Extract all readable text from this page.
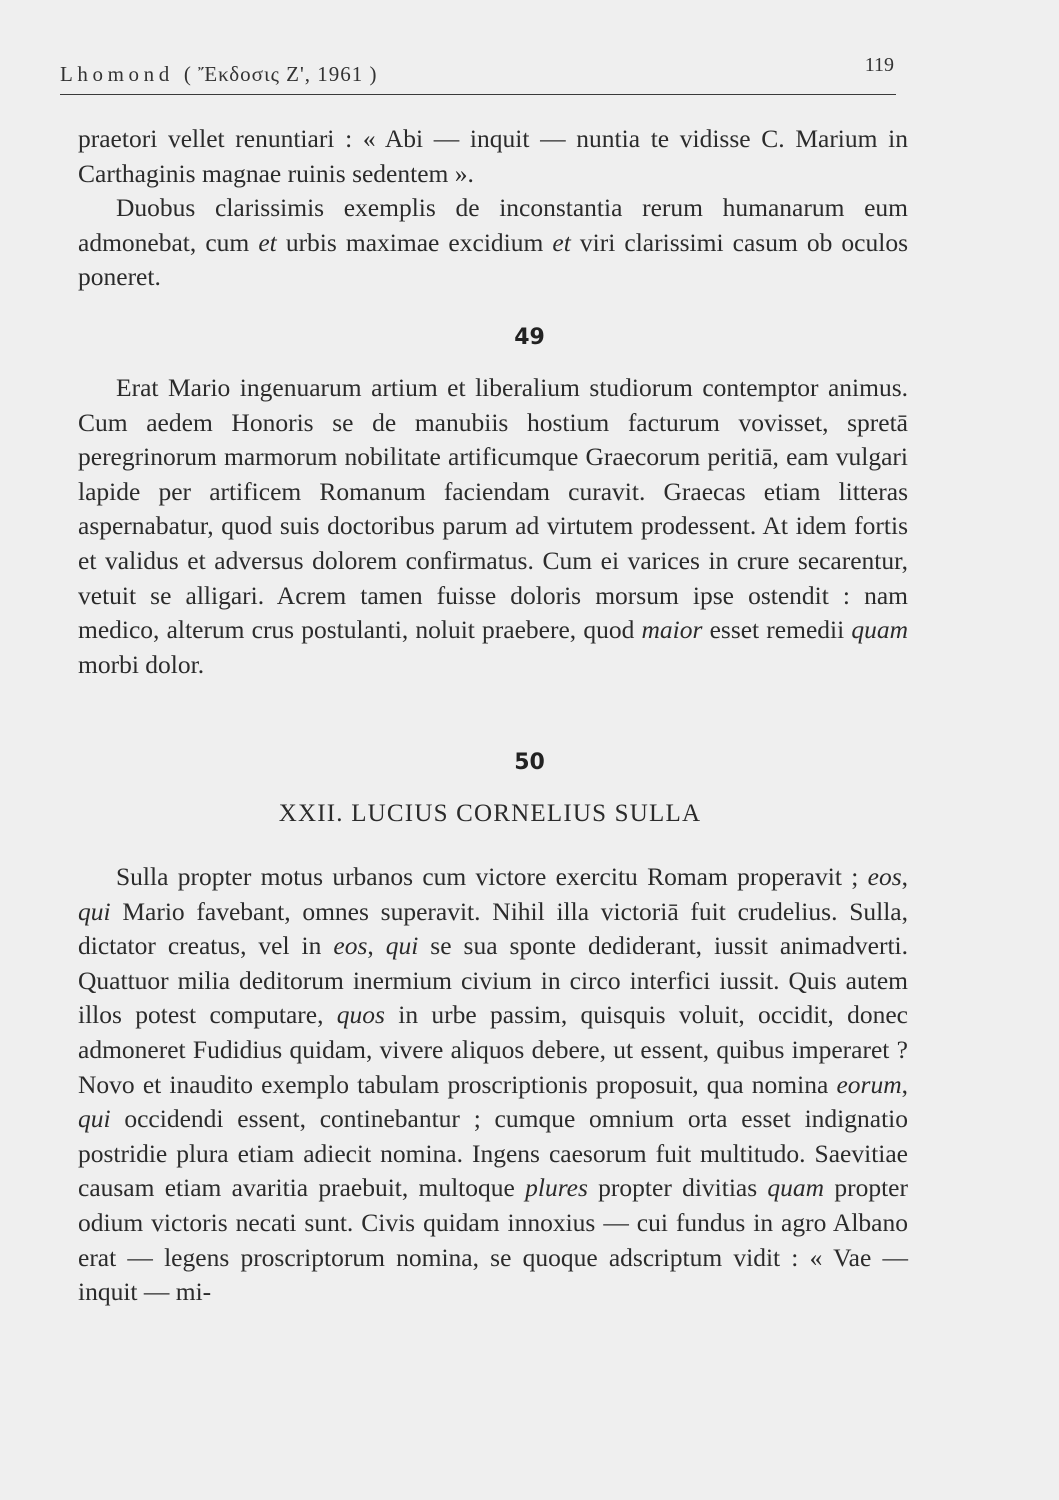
Lhomond ( Ἔκδοσις Z', 1961 )	119

praetori vellet renuntiari : « Abi — inquit — nuntia te vidisse C. Marium in Carthaginis magnae ruinis sedentem ».

Duobus clarissimis exemplis de inconstantia rerum humanarum eum admonebat, cum et urbis maximae excidium et viri clarissimi casum ob oculos poneret.

49

Erat Mario ingenuarum artium et liberalium studiorum contemptor animus. Cum aedem Honoris se de manubiis hostium facturum vovisset, spretā peregrinorum marmorum nobilitate artificumque Graecorum peritiā, eam vulgari lapide per artificem Romanum faciendam curavit. Graecas etiam litteras aspernabatur, quod suis doctoribus parum ad virtutem prodessent. At idem fortis et validus et adversus dolorem confirmatus. Cum ei varices in crure secarentur, vetuit se alligari. Acrem tamen fuisse doloris morsum ipse ostendit : nam medico, alterum crus postulanti, noluit praebere, quod maior esset remedii quam morbi dolor.

50
XXII. LUCIUS CORNELIUS SULLA

Sulla propter motus urbanos cum victore exercitu Romam properavit ; eos, qui Mario favebant, omnes superavit. Nihil illa victoriā fuit crudelius. Sulla, dictator creatus, vel in eos, qui se sua sponte dediderant, iussit animadverti. Quattuor milia deditorum inermium civium in circo interfici iussit. Quis autem illos potest computare, quos in urbe passim, quisquis voluit, occidit, donec admoneret Fudidius quidam, vivere aliquos debere, ut essent, quibus imperaret ? Novo et inaudito exemplo tabulam proscriptionis proposuit, qua nomina eorum, qui occidendi essent, continebantur ; cumque omnium orta esset indignatio postridie plura etiam adiecit nomina. Ingens caesorum fuit multitudo. Saevitiae causam etiam avaritia praebuit, multoque plures propter divitias quam propter odium victoris necati sunt. Civis quidam innoxius — cui fundus in agro Albano erat — legens proscriptorum nomina, se quoque adscriptum vidit : « Vae — inquit — mi-
